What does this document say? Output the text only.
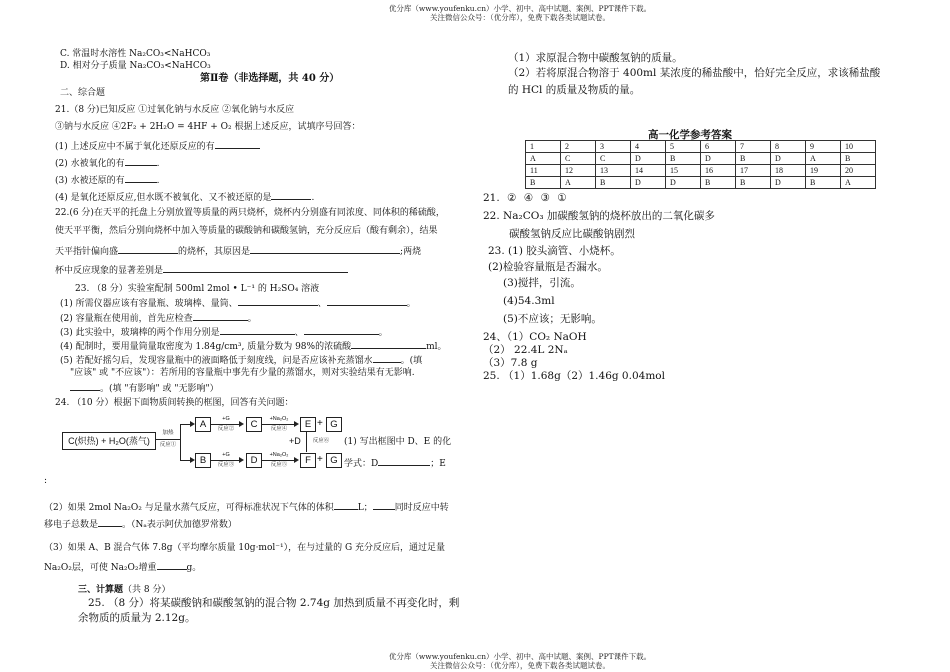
优分库（www.youfenku.cn）小学、初中、高中试题、案例、PPT课件下载。
关注微信公众号：（优分库），免费下载各类试题试卷。
C. 常温时水溶性 Na₂CO₃<NaHCO₃
D. 相对分子质量 Na₂CO₃<NaHCO₃
第Ⅱ卷（非选择题，共 40 分）
二、综合题
21.（8 分)已知反应 ①过氧化钠与水反应 ②氧化钠与水反应
③钠与水反应 ④2F₂ + 2H₂O = 4HF + O₂ 根据上述反应，试填序号回答：
(1) 上述反应中不属于氧化还原反应的有
(2) 水被氧化的有	.
(3) 水被还原的有	.
(4) 是氧化还原反应,但水既不被氧化、又不被还原的是	.
22.(6 分)在天平的托盘上分别放置等质量的两只烧杯，烧杯内分别盛有同浓度、同体积的稀硫酸，
使天平平衡，然后分别向烧杯中加入等质量的碳酸钠和碳酸氢钠，充分反应后（酸有剩余），结果
天平指针偏向盛	的烧杯，其原因是	;两烧
杯中反应现象的显著差别是
23. （8 分）实验室配制 500ml 2mol • L⁻¹ 的 H₂SO₄ 溶液
(1) 所需仪器应该有容量瓶、玻璃棒、量筒、	、	。
(2) 容量瓶在使用前，首先应检查	。
(3) 此实验中，玻璃棒的两个作用分别是	、	。
(4) 配制时，要用量筒量取密度为 1.84g/cm³, 质量分数为 98%的浓硫酸	ml。
(5) 若配好摇匀后，发现容量瓶中的液面略低于刻度线，问是否应该补充蒸馏水	。(填
"应该" 或 "不应该"）：若所用的容量瓶中事先有少量的蒸馏水，则对实验结果有无影响.
。(填 "有影响" 或 "无影响"）
24. （10 分）根据下面物质间转换的框图，回答有关问题：
C(炽热) + H₂O(蒸气)
加热
反应①
A
B
+G
反应②
+G
反应③
C
D
+Na₂O₂
反应④
+Na₂O₂
反应⑤
E
F
+ G
+ G
+D	反应⑥	(1) 写出框图中 D、E 的化
学式：D	；E
:
（2）如果 2mol Na₂O₂ 与足量水蒸气反应，可得标准状况下气体的体积	L； 同时反应中转
移电子总数是	。（Nₐ表示阿伏加德罗常数）
（3）如果 A、B 混合气体 7.8g（平均摩尔质量 10g·mol⁻¹），在与过量的 G 充分反应后，通过足量
Na₂O₂层，可使 Na₂O₂增重	g。
三、计算题（共 8 分）
25. （8 分）将某碳酸钠和碳酸氢钠的混合物 2.74g 加热到质量不再变化时，剩
余物质的质量为 2.12g。
（1）求原混合物中碳酸氢钠的质量。
（2）若将原混合物溶于 400ml 某浓度的稀盐酸中，恰好完全反应，求该稀盐酸
的 HCl 的质量及物质的量。
高一化学参考答案
1	2	3	4	5	6	7	8	9	10
A	C	C	D	B	D	B	D	A	B
11	12	13	14	15	16	17	18	19	20
B	A	B	D	D	B	B	D	B	A
21. ② ④ ③ ①
22. Na₂CO₃ 加碳酸氢钠的烧杯放出的二氧化碳多
碳酸氢钠反应比碳酸钠剧烈
23. (1) 胶头滴管、小烧杯。
(2)检验容量瓶是否漏水。
(3)搅拌，引流。
(4)54.3ml
(5)不应该；无影响。
24、（1）CO₂ NaOH
（2） 22.4L 2Nₐ
（3）7.8 g
25. （1）1.68g（2）1.46g 0.04mol
优分库（www.youfenku.cn）小学、初中、高中试题、案例、PPT课件下载。
关注微信公众号：（优分库），免费下载各类试题试卷。
